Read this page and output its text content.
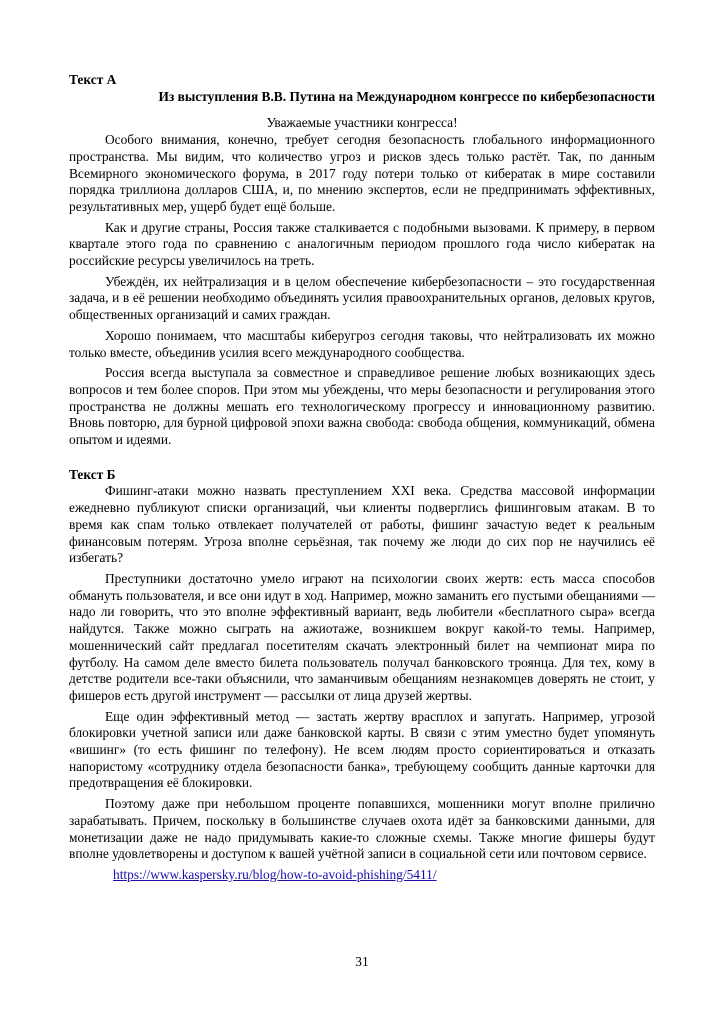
Текст А

Из выступления В.В. Путина на Международном конгрессе по кибербезопасности

Уважаемые участники конгресса!

Особого внимания, конечно, требует сегодня безопасность глобального информационного пространства. Мы видим, что количество угроз и рисков здесь только растёт. Так, по данным Всемирного экономического форума, в 2017 году потери только от кибератак в мире составили порядка триллиона долларов США, и, по мнению экспертов, если не предпринимать эффективных, результативных мер, ущерб будет ещё больше.

Как и другие страны, Россия также сталкивается с подобными вызовами. К примеру, в первом квартале этого года по сравнению с аналогичным периодом прошлого года число кибератак на российские ресурсы увеличилось на треть.

Убеждён, их нейтрализация и в целом обеспечение кибербезопасности – это государственная задача, и в её решении необходимо объединять усилия правоохранительных органов, деловых кругов, общественных организаций и самих граждан.

Хорошо понимаем, что масштабы киберугроз сегодня таковы, что нейтрализовать их можно только вместе, объединив усилия всего международного сообщества.

Россия всегда выступала за совместное и справедливое решение любых возникающих здесь вопросов и тем более споров. При этом мы убеждены, что меры безопасности и регулирования этого пространства не должны мешать его технологическому прогрессу и инновационному развитию. Вновь повторю, для бурной цифровой эпохи важна свобода: свобода общения, коммуникаций, обмена опытом и идеями.

Текст Б

Фишинг-атаки можно назвать преступлением XXI века. Средства массовой информации ежедневно публикуют списки организаций, чьи клиенты подверглись фишинговым атакам. В то время как спам только отвлекает получателей от работы, фишинг зачастую ведет к реальным финансовым потерям. Угроза вполне серьёзная, так почему же люди до сих пор не научились её избегать?

Преступники достаточно умело играют на психологии своих жертв: есть масса способов обмануть пользователя, и все они идут в ход. Например, можно заманить его пустыми обещаниями — надо ли говорить, что это вполне эффективный вариант, ведь любители «бесплатного сыра» всегда найдутся. Также можно сыграть на ажиотаже, возникшем вокруг какой-то темы. Например, мошеннический сайт предлагал посетителям скачать электронный билет на чемпионат мира по футболу. На самом деле вместо билета пользователь получал банковского троянца. Для тех, кому в детстве родители все-таки объяснили, что заманчивым обещаниям незнакомцев доверять не стоит, у фишеров есть другой инструмент — рассылки от лица друзей жертвы.

Еще один эффективный метод — застать жертву врасплох и запугать. Например, угрозой блокировки учетной записи или даже банковской карты. В связи с этим уместно будет упомянуть «вишинг» (то есть фишинг по телефону). Не всем людям просто сориентироваться и отказать напористому «сотруднику отдела безопасности банка», требующему сообщить данные карточки для предотвращения её блокировки.

Поэтому даже при небольшом проценте попавшихся, мошенники могут вполне прилично зарабатывать. Причем, поскольку в большинстве случаев охота идёт за банковскими данными, для монетизации даже не надо придумывать какие-то сложные схемы. Также многие фишеры будут вполне удовлетворены и доступом к вашей учётной записи в социальной сети или почтовом сервисе.

https://www.kaspersky.ru/blog/how-to-avoid-phishing/5411/

31
